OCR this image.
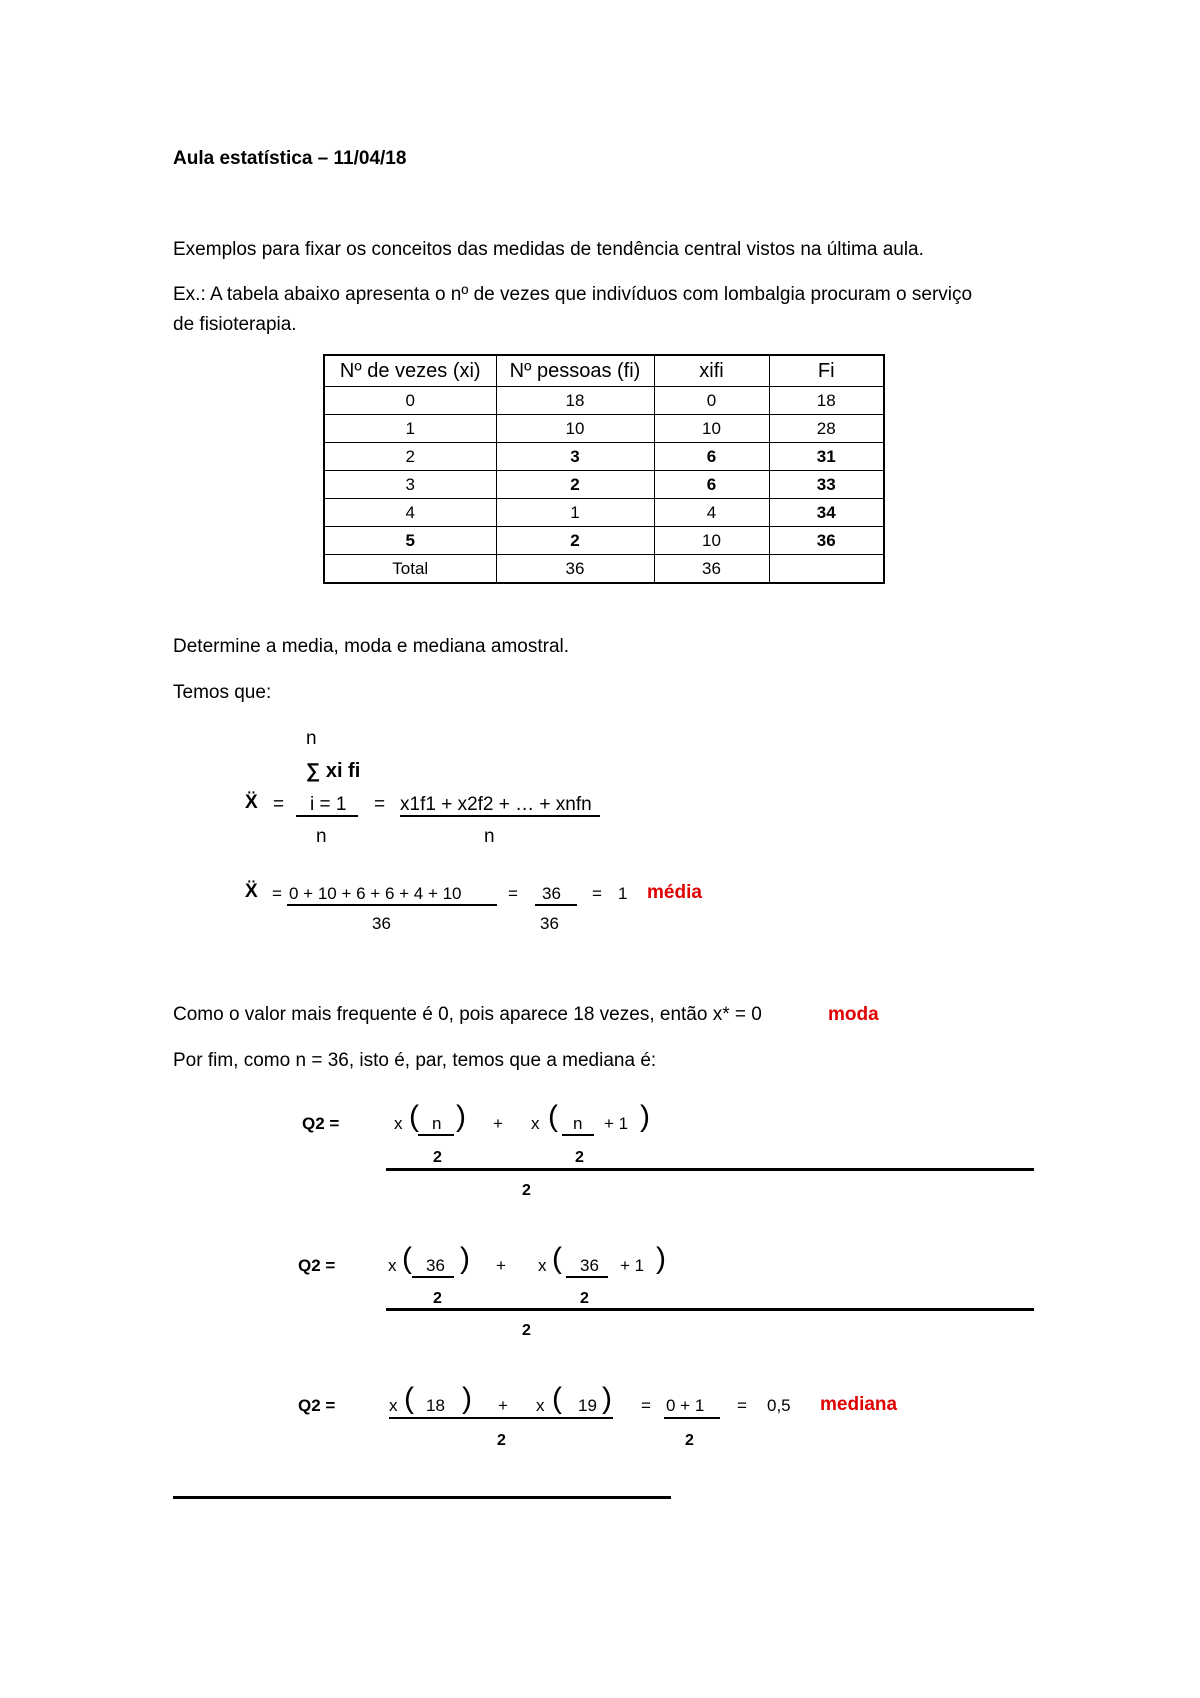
Aula estatística – 11/04/18
Exemplos para fixar os conceitos das medidas de tendência central vistos na última aula.
Ex.: A tabela abaixo apresenta o nº de vezes que indivíduos com lombalgia procuram o serviço
de fisioterapia.
Nº de vezes (xi)	Nº pessoas (fi)	xifi	Fi
0	18	0	18
1	10	10	28
2	3	6	31
3	2	6	33
4	1	4	34
5	2	10	36
Total	36	36	
Determine a media, moda e mediana amostral.
Temos que:
n
∑ xi fi
Ẍ = i = 1 = x1f1 + x2f2 + … + xnfn
n	n
Ẍ = 0 + 10 + 6 + 6 + 4 + 10
36
= 36
36
= 1 média
Como o valor mais frequente é 0, pois aparece 18 vezes, então x* = 0	moda
Por fim, como n = 36, isto é, par, temos que a mediana é:
Q2 =	x ( n ) + x ( n + 1 )
2	2
2
Q2 =	x ( 36 ) + x ( 36 + 1 )
2	2
2
Q2 =	x ( 18 ) + x ( 19 )
2
= 0 + 1
2
= 0,5 mediana
